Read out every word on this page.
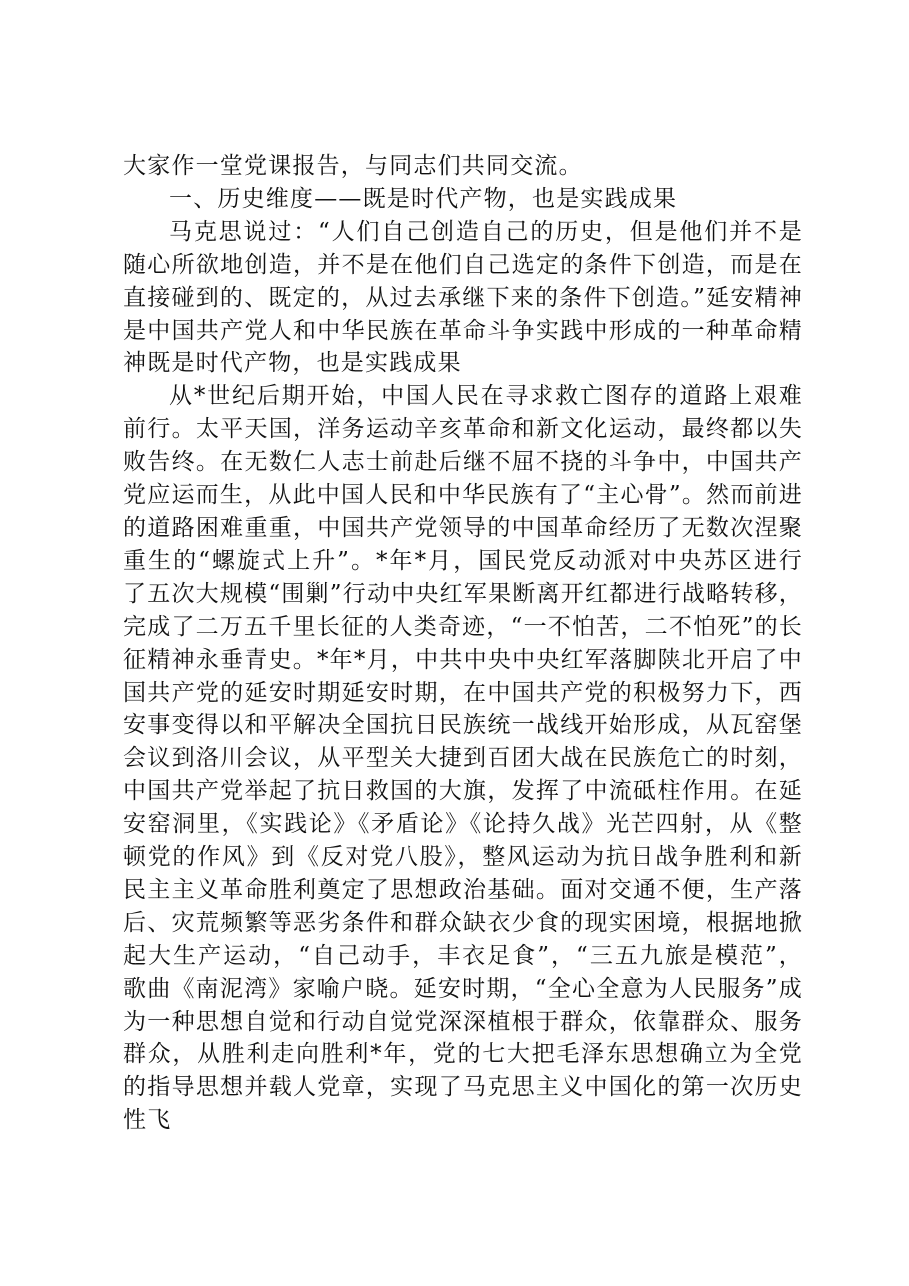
大家作一堂党课报告，与同志们共同交流。

一、历史维度——既是时代产物，也是实践成果

马克思说过：“人们自己创造自己的历史，但是他们并不是随心所欲地创造，并不是在他们自己选定的条件下创造，而是在直接碰到的、既定的，从过去承继下来的条件下创造。”延安精神是中国共产党人和中华民族在革命斗争实践中形成的一种革命精神既是时代产物，也是实践成果

从*世纪后期开始，中国人民在寻求救亡图存的道路上艰难前行。太平天国，洋务运动辛亥革命和新文化运动，最终都以失败告终。在无数仁人志士前赴后继不屈不挠的斗争中，中国共产党应运而生，从此中国人民和中华民族有了“主心骨”。然而前进的道路困难重重，中国共产党领导的中国革命经历了无数次涅聚重生的“螺旋式上升”。*年*月，国民党反动派对中央苏区进行了五次大规模“围剿”行动中央红军果断离开红都进行战略转移，完成了二万五千里长征的人类奇迹，“一不怕苦，二不怕死”的长征精神永垂青史。*年*月，中共中央中央红军落脚陕北开启了中国共产党的延安时期延安时期，在中国共产党的积极努力下，西安事变得以和平解决全国抗日民族统一战线开始形成，从瓦窑堡会议到洛川会议，从平型关大捷到百团大战在民族危亡的时刻，中国共产党举起了抗日救国的大旗，发挥了中流砥柱作用。在延安窑洞里，《实践论》《矛盾论》《论持久战》光芒四射，从《整顿党的作风》到《反对党八股》，整风运动为抗日战争胜利和新民主主义革命胜利奠定了思想政治基础。面对交通不便，生产落后、灾荒频繁等恶劣条件和群众缺衣少食的现实困境，根据地掀起大生产运动，“自己动手，丰衣足食”，“三五九旅是模范”，歌曲《南泥湾》家喻户晓。延安时期，“全心全意为人民服务”成为一种思想自觉和行动自觉党深深植根于群众，依靠群众、服务群众，从胜利走向胜利*年，党的七大把毛泽东思想确立为全党的指导思想并载人党章，实现了马克思主义中国化的第一次历史性飞
